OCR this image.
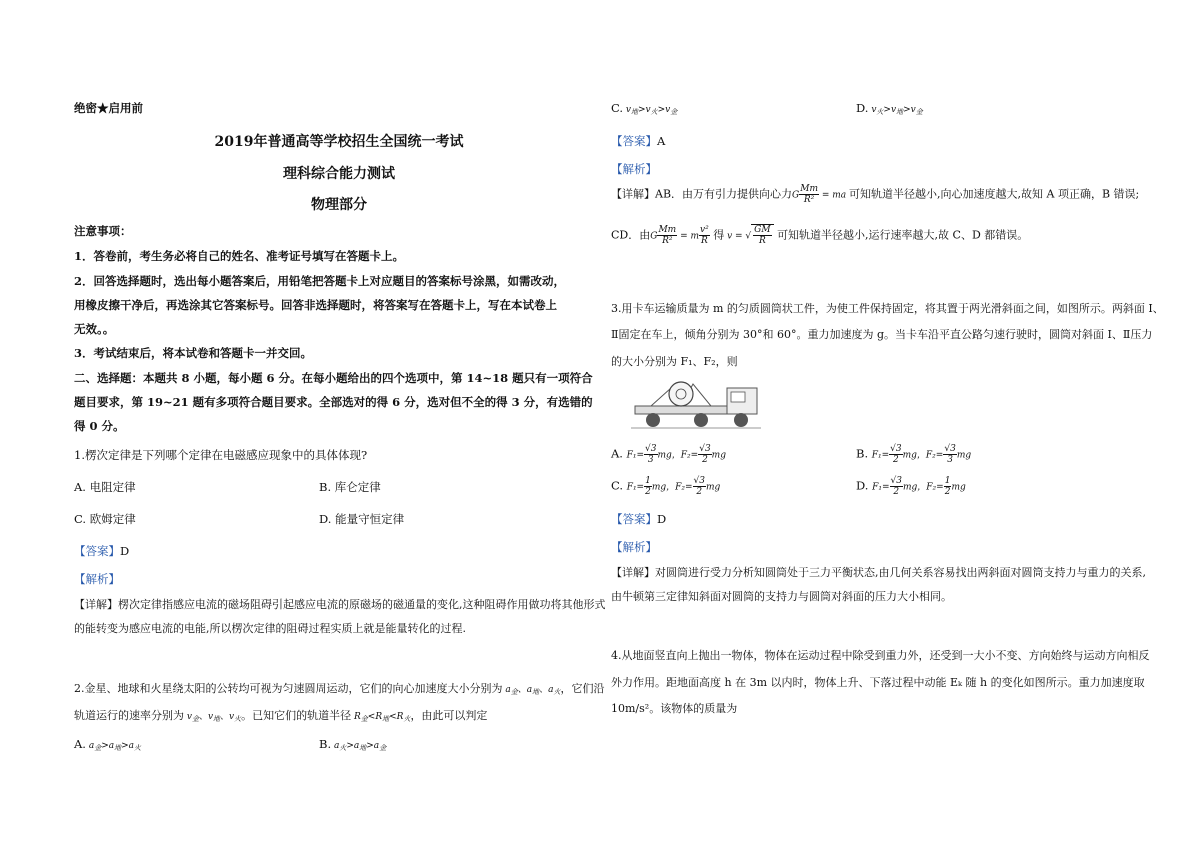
绝密★启用前
2019年普通高等学校招生全国统一考试
理科综合能力测试
物理部分
注意事项：
1．答卷前，考生务必将自己的姓名、准考证号填写在答题卡上。
2．回答选择题时，选出每小题答案后，用铅笔把答题卡上对应题目的答案标号涂黑，如需改动，
用橡皮擦干净后，再选涂其它答案标号。回答非选择题时，将答案写在答题卡上，写在本试卷上
无效。。
3．考试结束后，将本试卷和答题卡一并交回。
二、选择题：本题共 8 小题，每小题 6 分。在每小题给出的四个选项中，第 14~18 题只有一项符合
题目要求，第 19~21 题有多项符合题目要求。全部选对的得 6 分，选对但不全的得 3 分，有选错的
得 0 分。
1.楞次定律是下列哪个定律在电磁感应现象中的具体体现?
A. 电阻定律	B. 库仑定律
C. 欧姆定律	D. 能量守恒定律
【答案】D
【解析】
【详解】楞次定律指感应电流的磁场阻碍引起感应电流的原磁场的磁通量的变化,这种阻碍作用做功将其他形式
的能转变为感应电流的电能,所以楞次定律的阻碍过程实质上就是能量转化的过程.
2.金星、地球和火星绕太阳的公转均可视为匀速圆周运动，它们的向心加速度大小分别为 $a_金$、$a_地$、$a_火$，它们沿
轨道运行的速率分别为 $v_金$、$v_地$、$v_火$。已知它们的轨道半径 $R_金<R_地<R_火$，由此可以判定
A. $a_金>a_地>a_火$	B. $a_火>a_地>a_金$
C. $v_地>v_火>v_金$	D. $v_火>v_地>v_金$
【答案】A
【解析】
【详解】AB．由万有引力提供向心力G $\frac{Mm}{\text{R²}}$ = ma 可知轨道半径越小,向心加速度越大,故知 A 项正确，B 错误;
CD．由G $\frac{Mm}{\text{R²}} = m \frac{\text{v²}}{R}$ 得 v = √ $\frac{GM}{R}$ 可知轨道半径越小,运行速率越大,故 C、D 都错误。
3.用卡车运输质量为 m 的匀质圆筒状工件，为使工件保持固定，将其置于两光滑斜面之间，如图所示。两斜面 I、
Ⅱ固定在车上，倾角分别为 30°和 60°。重力加速度为 g。当卡车沿平直公路匀速行驶时，圆筒对斜面 I、Ⅱ压力
的大小分别为 F₁、F₂，则
A. $F_1= \frac{√3}{3}$ mg，$F_2= \frac{√3}{2}$ mg	B. $F_1= \frac{√3}{2}$ mg，$F_2= \frac{√3}{3}$ mg
C. $F_1= \frac{1}{2}$ mg，$F_2= \frac{√3}{2}$ mg	D. $F_1= \frac{√3}{2}$ mg，$F_2= \frac{1}{2}$ mg
【答案】D
【解析】
【详解】对圆筒进行受力分析知圆筒处于三力平衡状态,由几何关系容易找出两斜面对圆筒支持力与重力的关系,
由牛顿第三定律知斜面对圆筒的支持力与圆筒对斜面的压力大小相同。
4.从地面竖直向上抛出一物体，物体在运动过程中除受到重力外，还受到一大小不变、方向始终与运动方向相反
外力作用。距地面高度 h 在 3m 以内时，物体上升、下落过程中动能 Eₖ 随 h 的变化如图所示。重力加速度取
10m/s²。该物体的质量为
